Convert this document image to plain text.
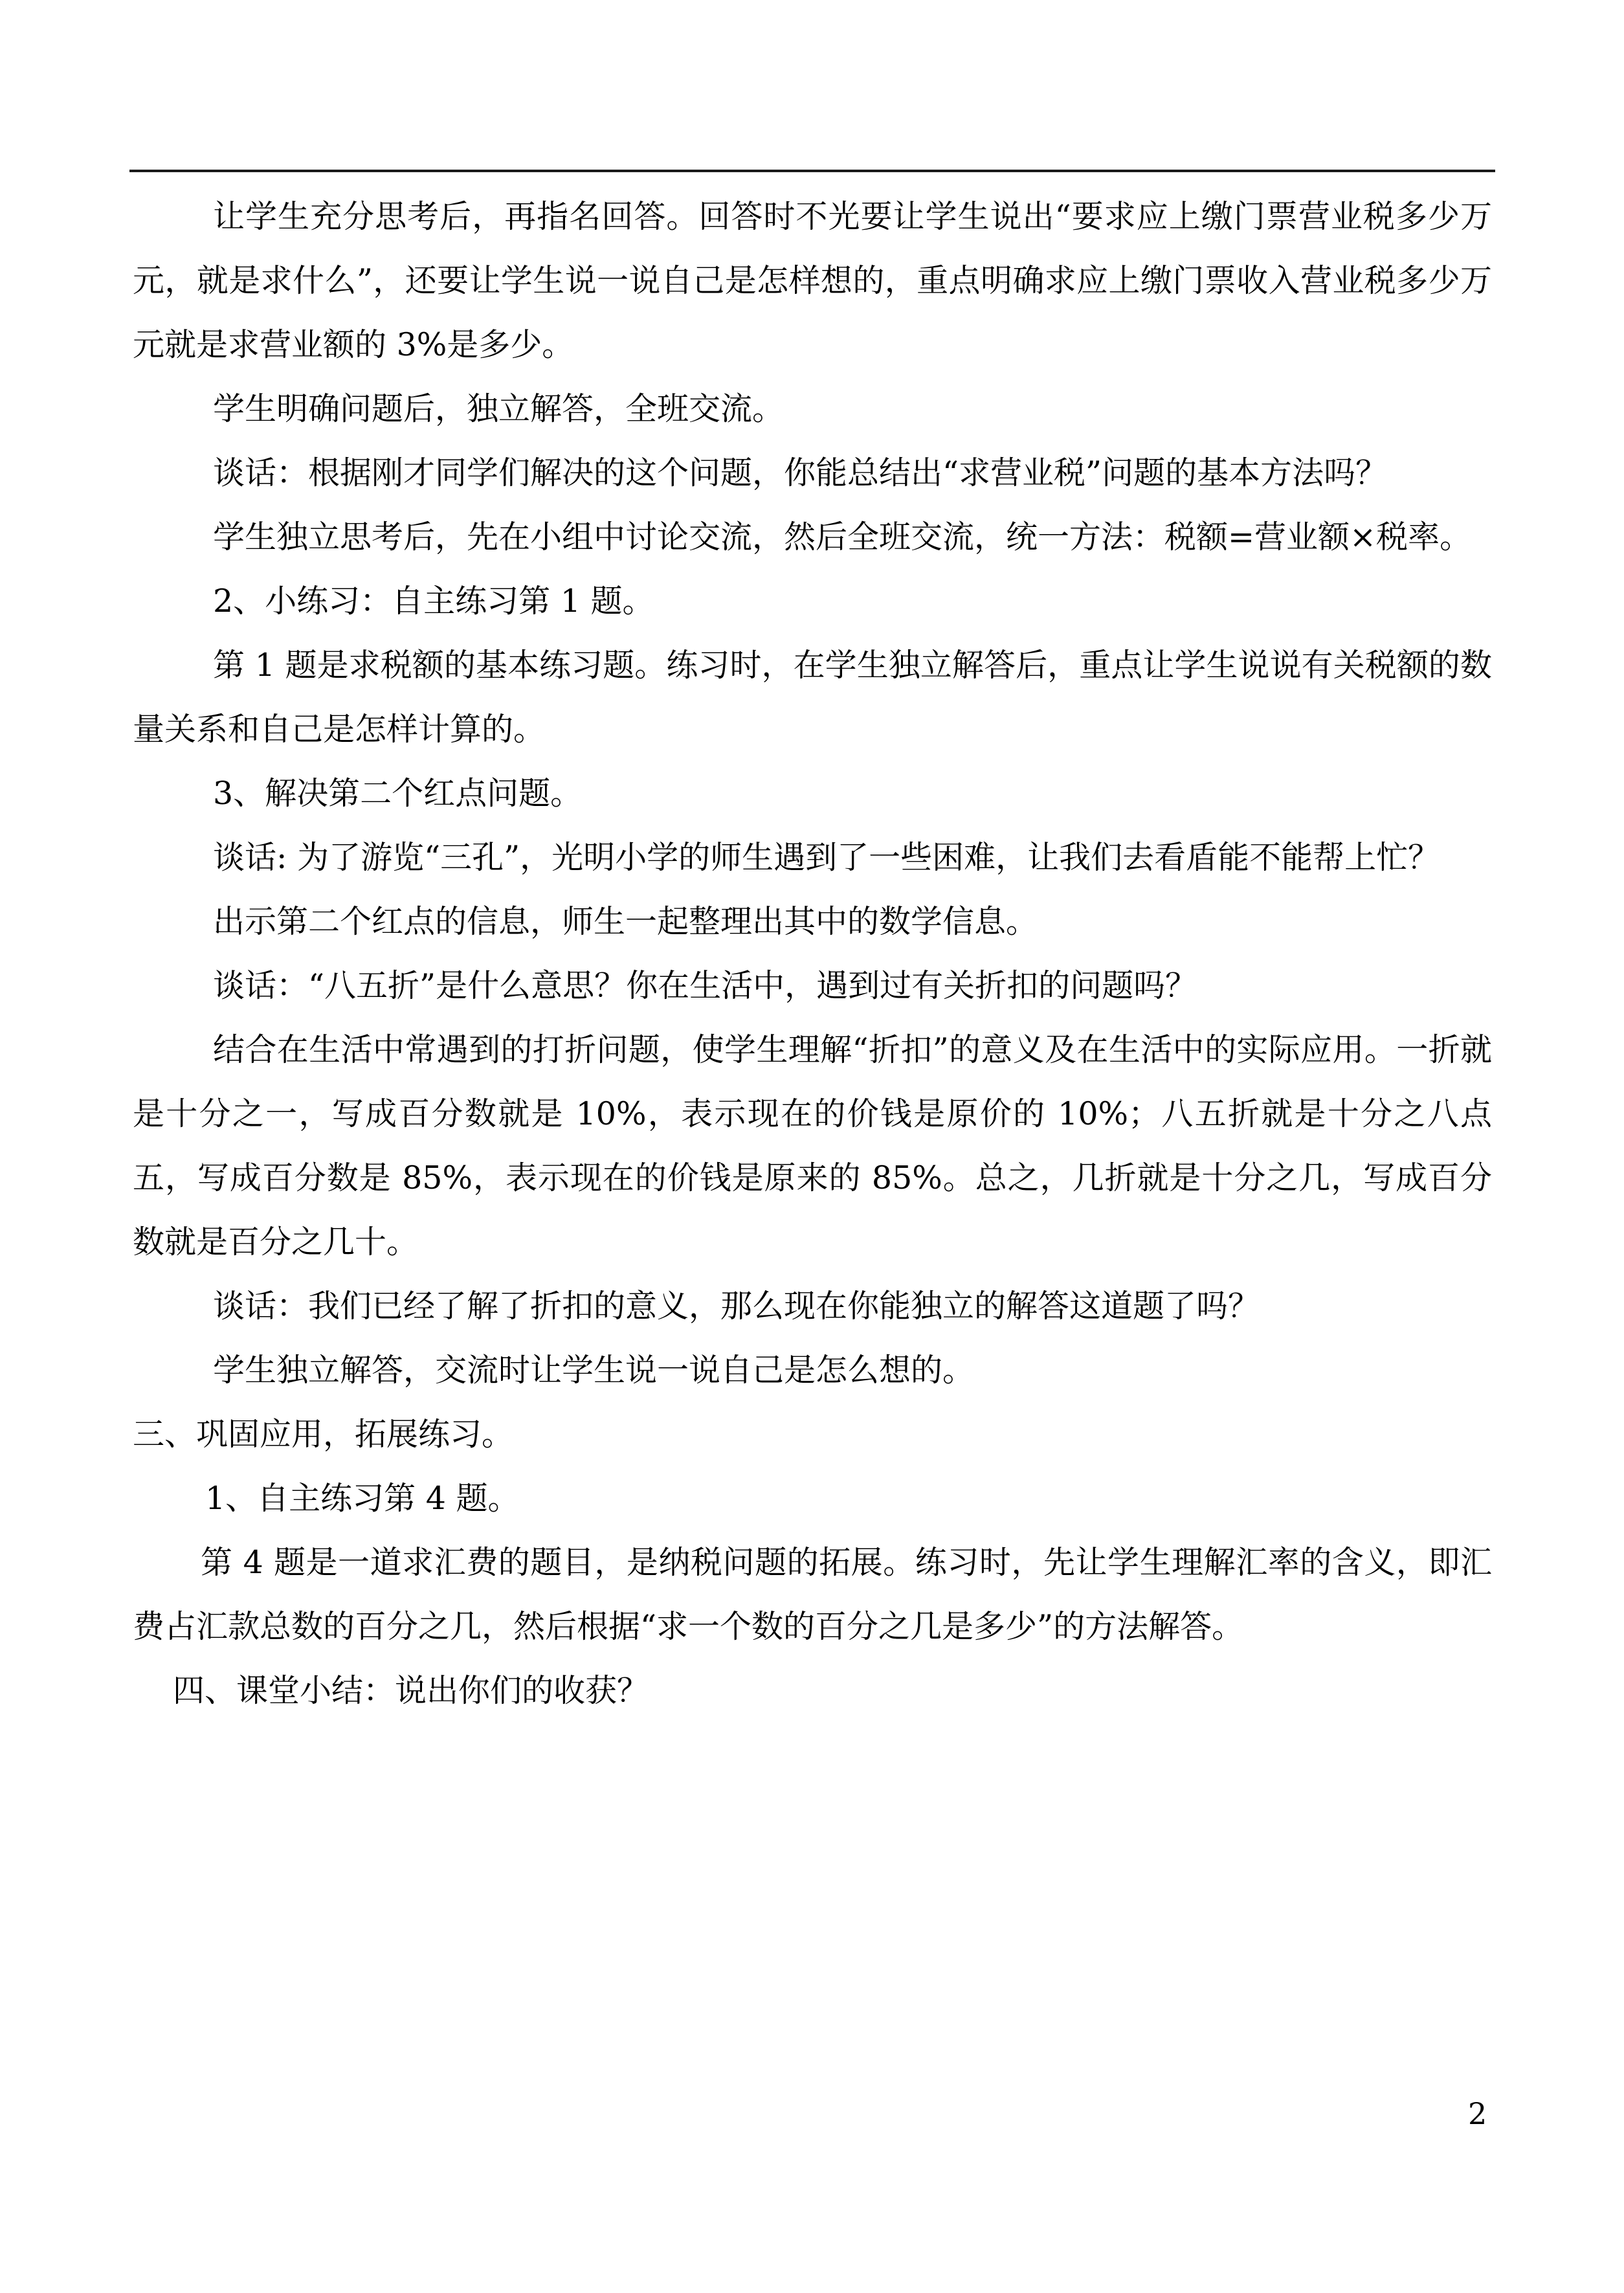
让学生充分思考后，再指名回答。回答时不光要让学生说出“要求应上缴门票营业税多少万元，就是求什么”，还要让学生说一说自己是怎样想的，重点明确求应上缴门票收入营业税多少万元就是求营业额的 3%是多少。

学生明确问题后，独立解答，全班交流。

谈话：根据刚才同学们解决的这个问题，你能总结出“求营业税”问题的基本方法吗？

学生独立思考后，先在小组中讨论交流，然后全班交流，统一方法：税额=营业额×税率。

2、小练习：自主练习第 1 题。

第 1 题是求税额的基本练习题。练习时，在学生独立解答后，重点让学生说说有关税额的数量关系和自己是怎样计算的。

3、解决第二个红点问题。

谈话: 为了游览“三孔”，光明小学的师生遇到了一些困难，让我们去看盾能不能帮上忙？

出示第二个红点的信息，师生一起整理出其中的数学信息。

谈话：“八五折”是什么意思？你在生活中，遇到过有关折扣的问题吗？

结合在生活中常遇到的打折问题，使学生理解“折扣”的意义及在生活中的实际应用。一折就是十分之一，写成百分数就是 10%，表示现在的价钱是原价的 10%；八五折就是十分之八点五，写成百分数是 85%，表示现在的价钱是原来的 85%。总之，几折就是十分之几，写成百分数就是百分之几十。

谈话：我们已经了解了折扣的意义，那么现在你能独立的解答这道题了吗？

学生独立解答，交流时让学生说一说自己是怎么想的。

三、巩固应用，拓展练习。

1、自主练习第 4 题。

第 4 题是一道求汇费的题目，是纳税问题的拓展。练习时，先让学生理解汇率的含义，即汇费占汇款总数的百分之几，然后根据“求一个数的百分之几是多少”的方法解答。

四、课堂小结：说出你们的收获？

2
